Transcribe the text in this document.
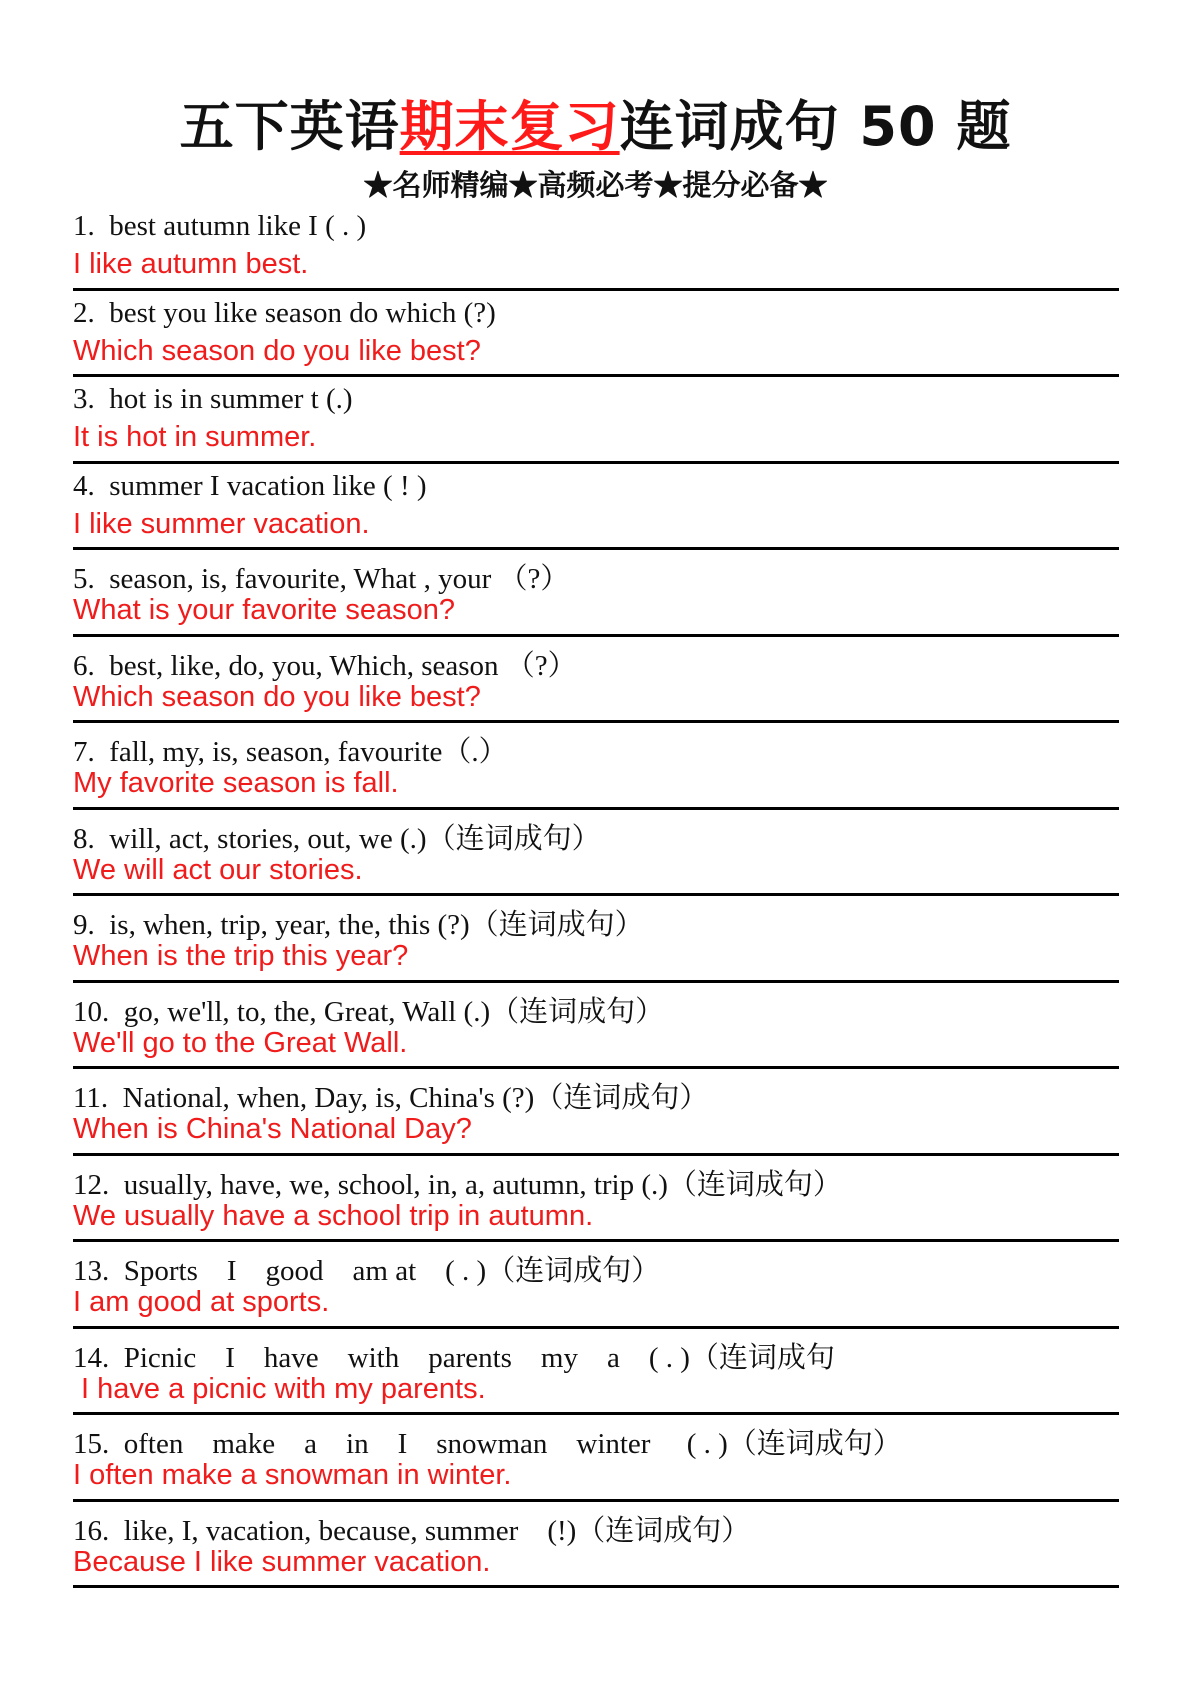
五下英语期末复习连词成句 50 题
★名师精编★高频必考★提分必备★
1.  best autumn like I ( . )
I like autumn best.
2.  best you like season do which (?)
Which season do you like best?
3.  hot is in summer t (.)
It is hot in summer.
4.  summer I vacation like ( ! )
I like summer vacation.
5.  season, is, favourite, What , your （?）
What is your favorite season?
6.  best, like, do, you, Which, season （?）
Which season do you like best?
7.  fall, my, is, season, favourite（.）
My favorite season is fall.
8.  will, act, stories, out, we (.)（连词成句）
We will act our stories.
9.  is, when, trip, year, the, this (?)（连词成句）
When is the trip this year?
10.  go, we'll, to, the, Great, Wall (.)（连词成句）
We'll go to the Great Wall.
11.  National, when, Day, is, China's (?)（连词成句）
When is China's National Day?
12.  usually, have, we, school, in, a, autumn, trip (.)（连词成句）
We usually have a school trip in autumn.
13.  Sports    I    good    am at    ( . )（连词成句）
I am good at sports.
14.  Picnic    I    have    with    parents    my    a    ( . )（连词成句
I have a picnic with my parents.
15.  often    make    a    in    I    snowman    winter     ( . )（连词成句）
I often make a snowman in winter.
16.  like, I, vacation, because, summer    (!)（连词成句）
Because I like summer vacation.
